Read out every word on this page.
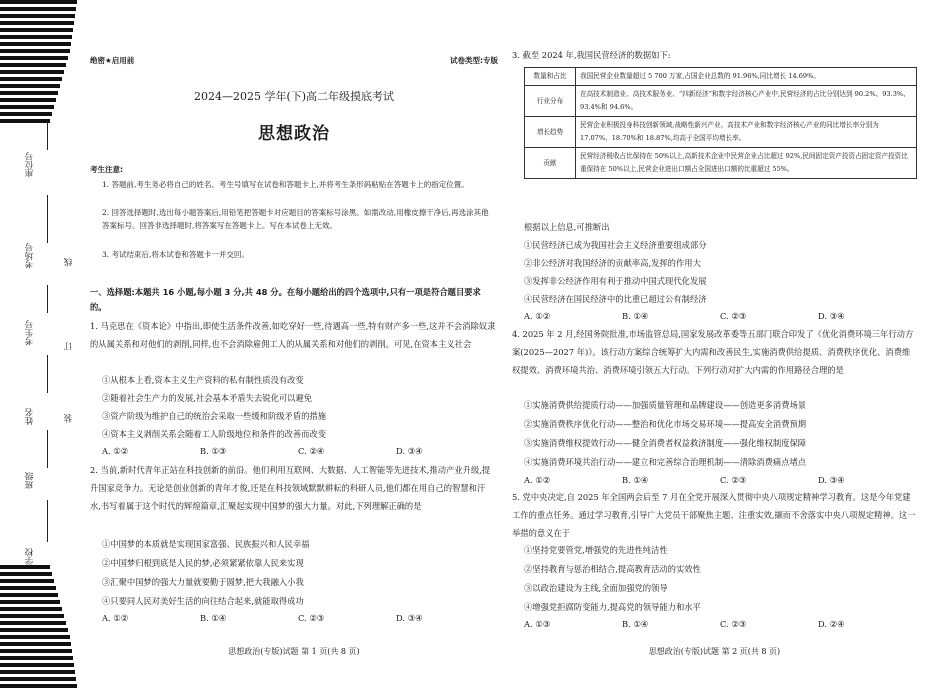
座位号
考场号	线
考生号
订
姓名	装
班级
学校
绝密★启用前	试卷类型:专版
2024—2025 学年(下)高二年级摸底考试
思想政治
考生注意:
1. 答题前,考生务必将自己的姓名、考生号填写在试卷和答题卡上,并将考生条形码粘贴在答题卡上的指定位置。
2. 回答选择题时,选出每小题答案后,用铅笔把答题卡对应题目的答案标号涂黑。如需改动,用橡皮擦干净后,再选涂其他答案标号。回答非选择题时,将答案写在答题卡上。写在本试卷上无效。
3. 考试结束后,将本试卷和答题卡一并交回。
一、选择题:本题共 16 小题,每小题 3 分,共 48 分。在每小题给出的四个选项中,只有一项是符合题目要求的。
1. 马克思在《资本论》中指出,即使生活条件改善,如吃穿好一些,待遇高一些,特有财产多一些,这并不会消除奴隶的从属关系和对他们的剥削,同样,也不会消除雇佣工人的从属关系和对他们的剥削。可见,在资本主义社会
①从根本上看,资本主义生产资料的私有制性质没有改变
②随着社会生产力的发展,社会基本矛盾失去锐化可以避免
③资产阶级为维护自己的统治会采取一些缓和阶级矛盾的措施
④资本主义剥削关系会随着工人阶级地位和条件的改善而改变
A. ①②	B. ①③	C. ②④	D. ③④
2. 当前,新时代青年正站在科技创新的前沿。他们利用互联网、大数据、人工智能等先进技术,推动产业升级,提升国家竞争力。无论是创业创新的青年才俊,还是在科技领域默默耕耘的科研人员,他们都在用自己的智慧和汗水,书写着属于这个时代的辉煌篇章,汇聚起实现中国梦的强大力量。对此,下列理解正确的是
①中国梦的本质就是实现国家富强、民族振兴和人民幸福
②中国梦归根到底是人民的梦,必须紧紧依靠人民来实现
③汇聚中国梦的强大力量就要勤于圆梦,把大我融入小我
④只要同人民对美好生活的向往结合起来,就能取得成功
A. ①②	B. ①④	C. ②③	D. ③④
思想政治(专版)试题 第 1 页(共 8 页)
3. 截至 2024 年,我国民营经济的数据如下:
数量和占比	我国民营企业数量超过 5 700 万家,占国企业总数的 91.96%,同比增长 14.69%。
行业分布	在高技术制造业、高技术服务业、“四新经济”和数字经济核心产业中,民营经济的占比分别达到 90.2%、93.3%、93.4%和 94.6%。
增长趋势	民营企业积极投身科技创新领域,战略性新兴产业、高技术产业和数字经济核心产业的同比增长率分别为 17.07%、18.70%和 18.87%,均高于全国平均增长率。
贡献	民营经济税收占比保持在 50%以上,高新技术企业中民营企业占比超过 92%,民间固定资产投资占固定资产投资比重保持在 50%以上,民营企业进出口额占全国进出口额的比重超过 55%。
根据以上信息,可推断出
①民营经济已成为我国社会主义经济重要组成部分
②非公经济对我国经济的贡献率高,发挥的作用大
③发挥非公经济作用有利于推动中国式现代化发展
④民营经济在国民经济中的比重已超过公有制经济
A. ①②	B. ①④	C. ②③	D. ③④
4. 2025 年 2 月,经国务院批准,市场监管总局,国家发展改革委等五部门联合印发了《优化消费环境三年行动方案(2025—2027 年)》。该行动方案综合统筹扩大内需和改善民生,实施消费供给提质、消费秩序优化、消费维权提效、消费环境共治、消费环境引领五大行动。下列行动对扩大内需的作用路径合理的是
①实施消费供给提质行动——加强质量管理和品牌建设——创造更多消费场景
②实施消费秩序优化行动——整治和优化市场交易环境——提高安全消费预期
③实施消费维权提效行动——健全消费者权益救济制度——强化维权制度保障
④实施消费环境共治行动——建立和完善综合治理机制——清除消费痛点堵点
A. ①②	B. ①④	C. ②③	D. ③④
5. 党中央决定,自 2025 年全国两会后至 7 月在全党开展深入贯彻中央八项规定精神学习教育。这是今年党建工作的重点任务。通过学习教育,引导广大党员干部聚焦主题、注重实效,撷而不舍落实中央八项规定精神。这一举措的意义在于
①坚持党要管党,增强党的先进性纯洁性
②坚持教育与惩治相结合,提高教育活动的实效性
③以政治建设为主线,全面加强党的领导
④增强党拒腐防变能力,提高党的领导能力和水平
A. ①③	B. ①④	C. ②③	D. ②④
思想政治(专版)试题 第 2 页(共 8 页)
